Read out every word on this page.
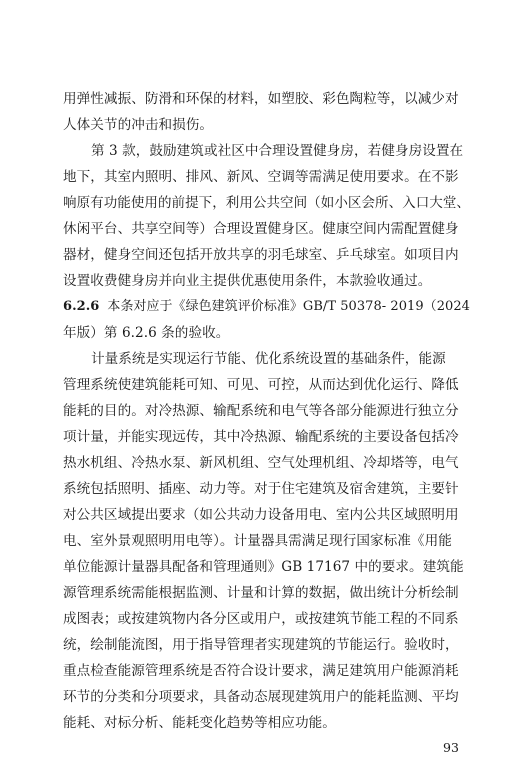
用弹性减振、防滑和环保的材料，如塑胶、彩色陶粒等，以减少对
人体关节的冲击和损伤。
第 3 款，鼓励建筑或社区中合理设置健身房，若健身房设置在
地下，其室内照明、排风、新风、空调等需满足使用要求。在不影
响原有功能使用的前提下，利用公共空间（如小区会所、入口大堂、
休闲平台、共享空间等）合理设置健身区。健康空间内需配置健身
器材，健身空间还包括开放共享的羽毛球室、乒乓球室。如项目内
设置收费健身房并向业主提供优惠使用条件，本款验收通过。
6.2.6 本条对应于《绿色建筑评价标准》GB/T 50378- 2019（2024
年版）第 6.2.6 条的验收。
计量系统是实现运行节能、优化系统设置的基础条件，能源
管理系统使建筑能耗可知、可见、可控，从而达到优化运行、降低
能耗的目的。对冷热源、输配系统和电气等各部分能源进行独立分
项计量，并能实现远传，其中冷热源、输配系统的主要设备包括冷
热水机组、冷热水泵、新风机组、空气处理机组、冷却塔等，电气
系统包括照明、插座、动力等。对于住宅建筑及宿舍建筑，主要针
对公共区域提出要求（如公共动力设备用电、室内公共区域照明用
电、室外景观照明用电等）。计量器具需满足现行国家标准《用能
单位能源计量器具配备和管理通则》GB 17167 中的要求。建筑能
源管理系统需能根据监测、计量和计算的数据，做出统计分析绘制
成图表；或按建筑物内各分区或用户，或按建筑节能工程的不同系
统，绘制能流图，用于指导管理者实现建筑的节能运行。验收时，
重点检查能源管理系统是否符合设计要求，满足建筑用户能源消耗
环节的分类和分项要求，具备动态展现建筑用户的能耗监测、平均
能耗、对标分析、能耗变化趋势等相应功能。
93
